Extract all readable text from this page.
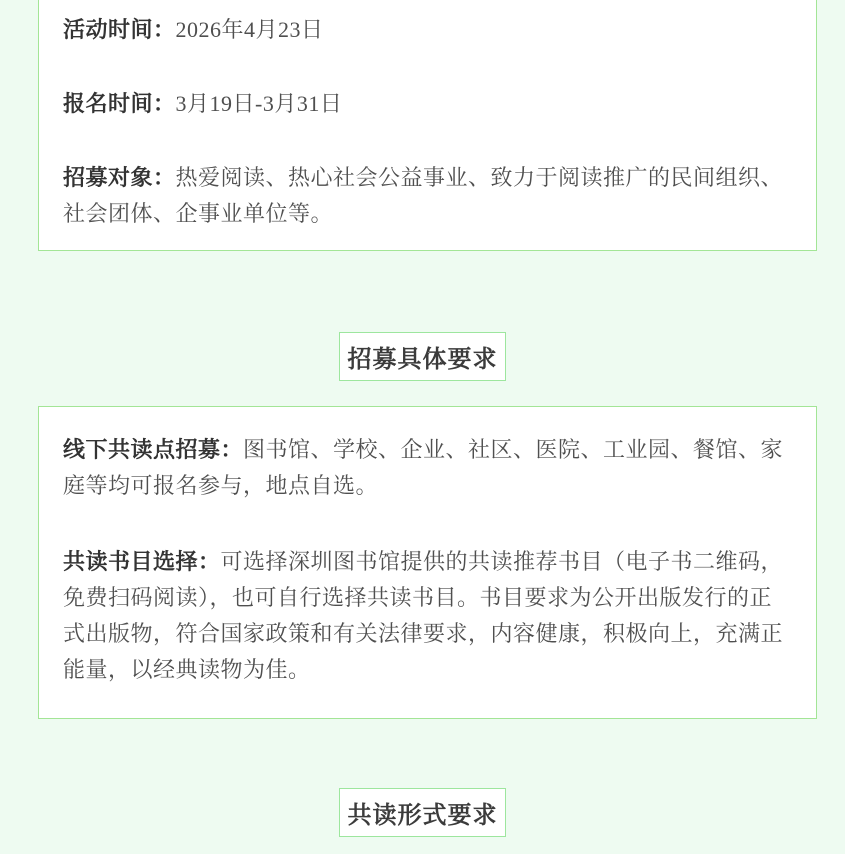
活动时间：2026年4月23日

报名时间：3月19日-3月31日

招募对象：热爱阅读、热心社会公益事业、致力于阅读推广的民间组织、社会团体、企事业单位等。

招募具体要求

线下共读点招募：图书馆、学校、企业、社区、医院、工业园、餐馆、家庭等均可报名参与，地点自选。

共读书目选择：可选择深圳图书馆提供的共读推荐书目（电子书二维码，免费扫码阅读），也可自行选择共读书目。书目要求为公开出版发行的正式出版物，符合国家政策和有关法律要求，内容健康，积极向上，充满正能量，以经典读物为佳。

共读形式要求
